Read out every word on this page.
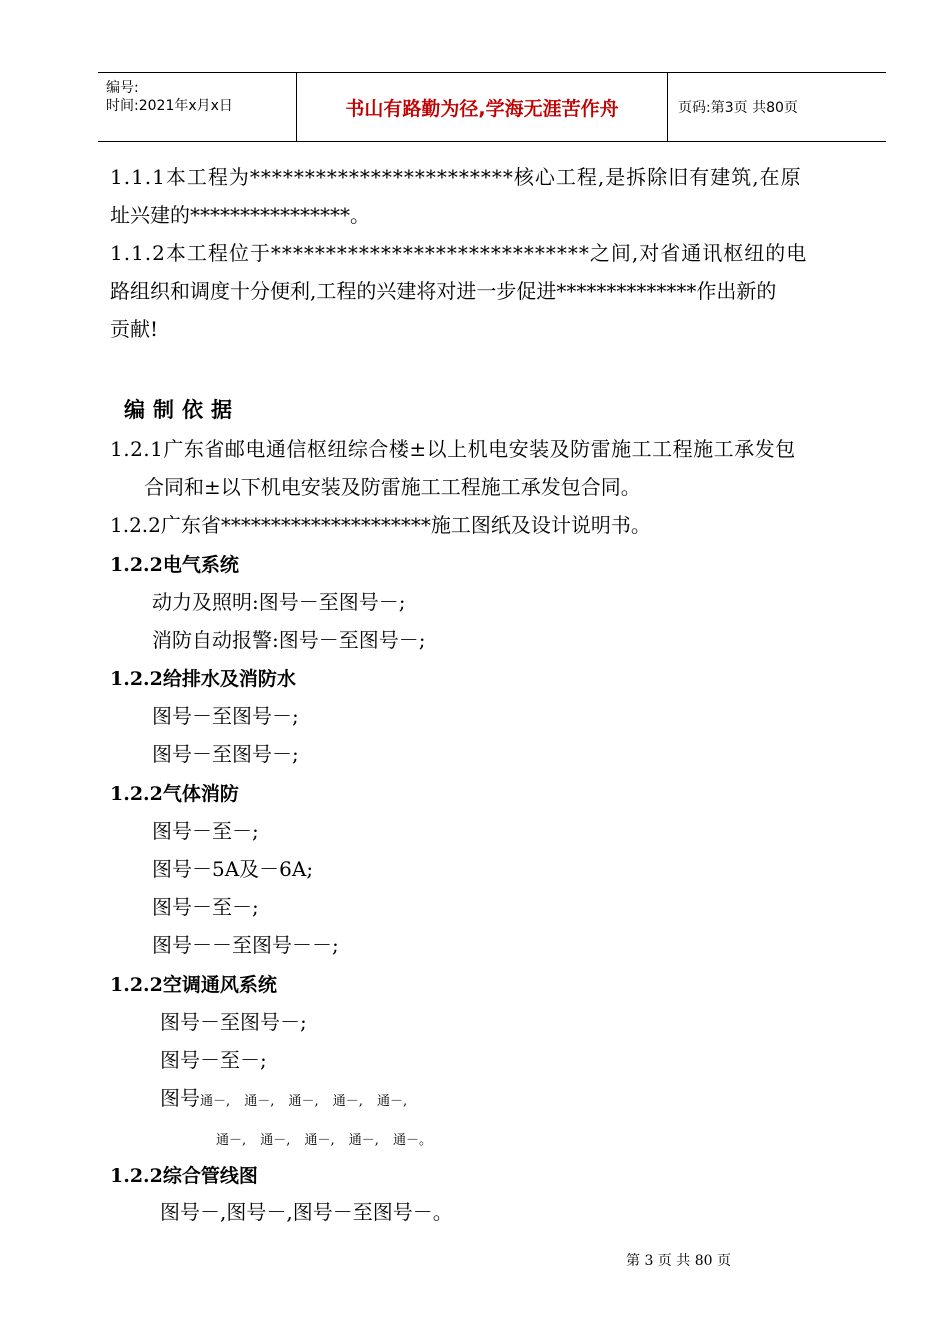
编号:
时间:2021年x月x日	书山有路勤为径,学海无涯苦作舟	页码:第3页 共80页
1.1.1本工程为************************核心工程,是拆除旧有建筑,在原
址兴建的****************。
1.1.2本工程位于*****************************之间,对省通讯枢纽的电
路组织和调度十分便利,工程的兴建将对进一步促进**************作出新的
贡献!
编制依据
1.2.1广东省邮电通信枢纽综合楼±以上机电安装及防雷施工工程施工承发包
合同和±以下机电安装及防雷施工工程施工承发包合同。
1.2.2广东省*********************施工图纸及设计说明书。
1.2.2电气系统
动力及照明:图号－至图号－;
消防自动报警:图号－至图号－;
1.2.2给排水及消防水
图号－至图号－;
图号－至图号－;
1.2.2气体消防
图号－至－;
图号－5A及－6A;
图号－至－;
图号－－至图号－－;
1.2.2空调通风系统
图号－至图号－;
图号－至－;
图号通－, 通－, 通－, 通－, 通－,
通－, 通－, 通－, 通－, 通－。
1.2.2综合管线图
图号－,图号－,图号－至图号－。
第 3 页 共 80 页
